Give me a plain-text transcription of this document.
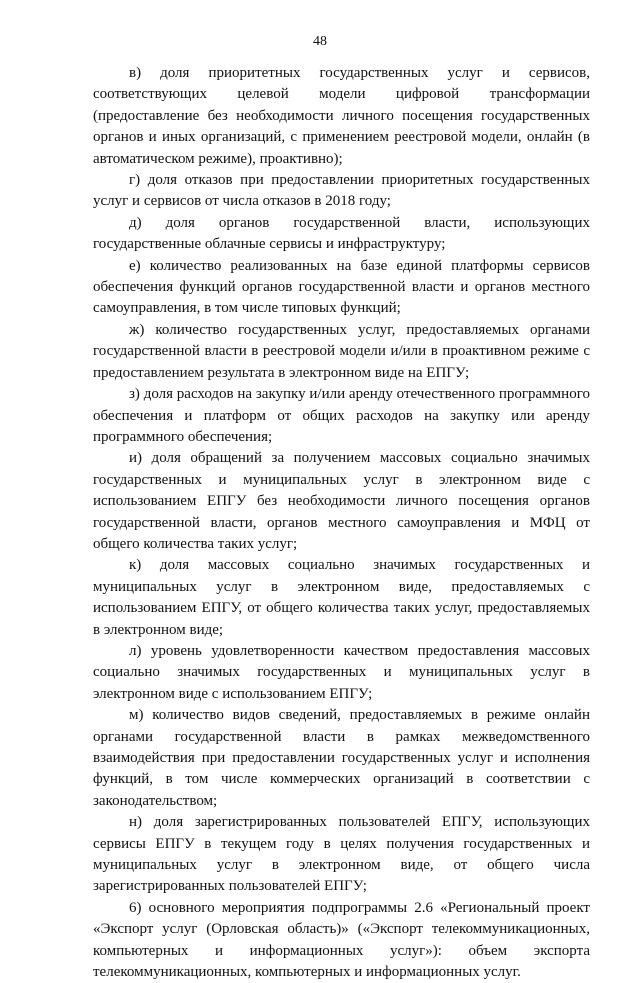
48

в) доля приоритетных государственных услуг и сервисов, соответствующих целевой модели цифровой трансформации (предоставление без необходимости личного посещения государственных органов и иных организаций, с применением реестровой модели, онлайн (в автоматическом режиме), проактивно);

г) доля отказов при предоставлении приоритетных государственных услуг и сервисов от числа отказов в 2018 году;

д) доля органов государственной власти, использующих государственные облачные сервисы и инфраструктуру;

е) количество реализованных на базе единой платформы сервисов обеспечения функций органов государственной власти и органов местного самоуправления, в том числе типовых функций;

ж) количество государственных услуг, предоставляемых органами государственной власти в реестровой модели и/или в проактивном режиме с предоставлением результата в электронном виде на ЕПГУ;

з) доля расходов на закупку и/или аренду отечественного программного обеспечения и платформ от общих расходов на закупку или аренду программного обеспечения;

и) доля обращений за получением массовых социально значимых государственных и муниципальных услуг в электронном виде с использованием ЕПГУ без необходимости личного посещения органов государственной власти, органов местного самоуправления и МФЦ от общего количества таких услуг;

к) доля массовых социально значимых государственных и муниципальных услуг в электронном виде, предоставляемых с использованием ЕПГУ, от общего количества таких услуг, предоставляемых в электронном виде;

л) уровень удовлетворенности качеством предоставления массовых социально значимых государственных и муниципальных услуг в электронном виде с использованием ЕПГУ;

м) количество видов сведений, предоставляемых в режиме онлайн органами государственной власти в рамках межведомственного взаимодействия при предоставлении государственных услуг и исполнения функций, в том числе коммерческих организаций в соответствии с законодательством;

н) доля зарегистрированных пользователей ЕПГУ, использующих сервисы ЕПГУ в текущем году в целях получения государственных и муниципальных услуг в электронном виде, от общего числа зарегистрированных пользователей ЕПГУ;

6) основного мероприятия подпрограммы 2.6 «Региональный проект «Экспорт услуг (Орловская область)» («Экспорт телекоммуникационных, компьютерных и информационных услуг»): объем экспорта телекоммуникационных, компьютерных и информационных услуг.
